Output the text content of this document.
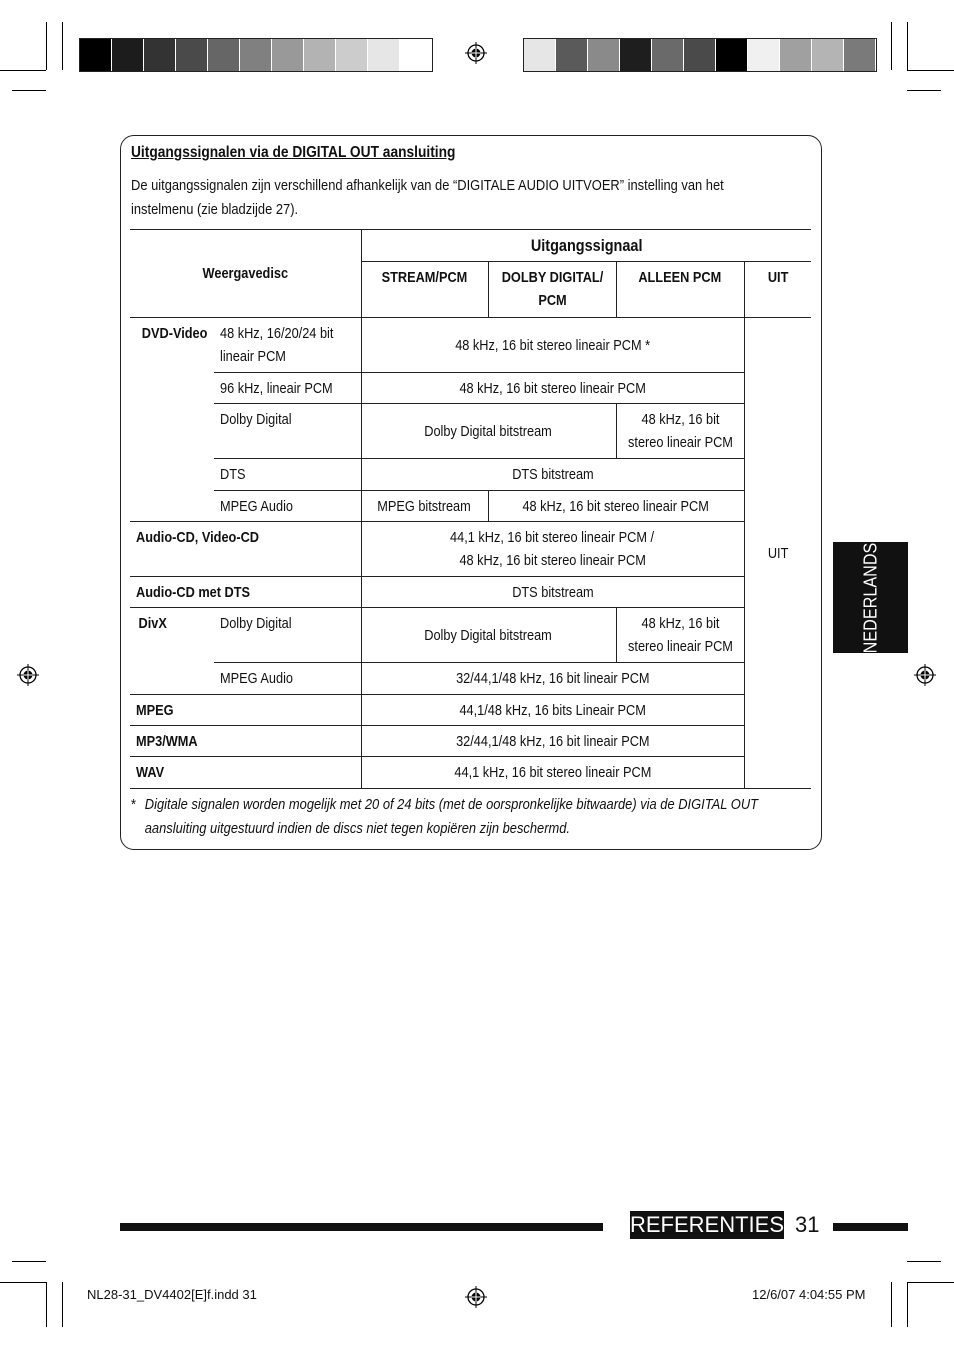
Uitgangssignalen via de DIGITAL OUT aansluiting
De uitgangssignalen zijn verschillend afhankelijk van de “DIGITALE AUDIO UITVOER” instelling van het instelmenu (zie bladzijde 27).
Weergavedisc		Uitgangssignaal			
		STREAM/PCM	DOLBY DIGITAL/ PCM	ALLEEN PCM	UIT
DVD-Video	48 kHz, 16/20/24 bit lineair PCM	48 kHz, 16 bit stereo lineair PCM *			UIT
	96 kHz, lineair PCM	48 kHz, 16 bit stereo lineair PCM			
	Dolby Digital	Dolby Digital bitstream		48 kHz, 16 bit stereo lineair PCM	
	DTS	DTS bitstream			
	MPEG Audio	MPEG bitstream	48 kHz, 16 bit stereo lineair PCM		
Audio-CD, Video-CD		44,1 kHz, 16 bit stereo lineair PCM /
48 kHz, 16 bit stereo lineair PCM			
Audio-CD met DTS		DTS bitstream			
DivX	Dolby Digital	Dolby Digital bitstream		48 kHz, 16 bit stereo lineair PCM	
	MPEG Audio	32/44,1/48 kHz, 16 bit lineair PCM			
MPEG		44,1/48 kHz, 16 bits Lineair PCM			
MP3/WMA		32/44,1/48 kHz, 16 bit lineair PCM			
WAV		44,1 kHz, 16 bit stereo lineair PCM			
* Digitale signalen worden mogelijk met 20 of 24 bits (met de oorspronkelijke bitwaarde) via de DIGITAL OUT aansluiting uitgestuurd indien de discs niet tegen kopiëren zijn beschermd.
NEDERLANDS
REFERENTIES 31
NL28-31_DV4402[E]f.indd 31	12/6/07 4:04:55 PM
